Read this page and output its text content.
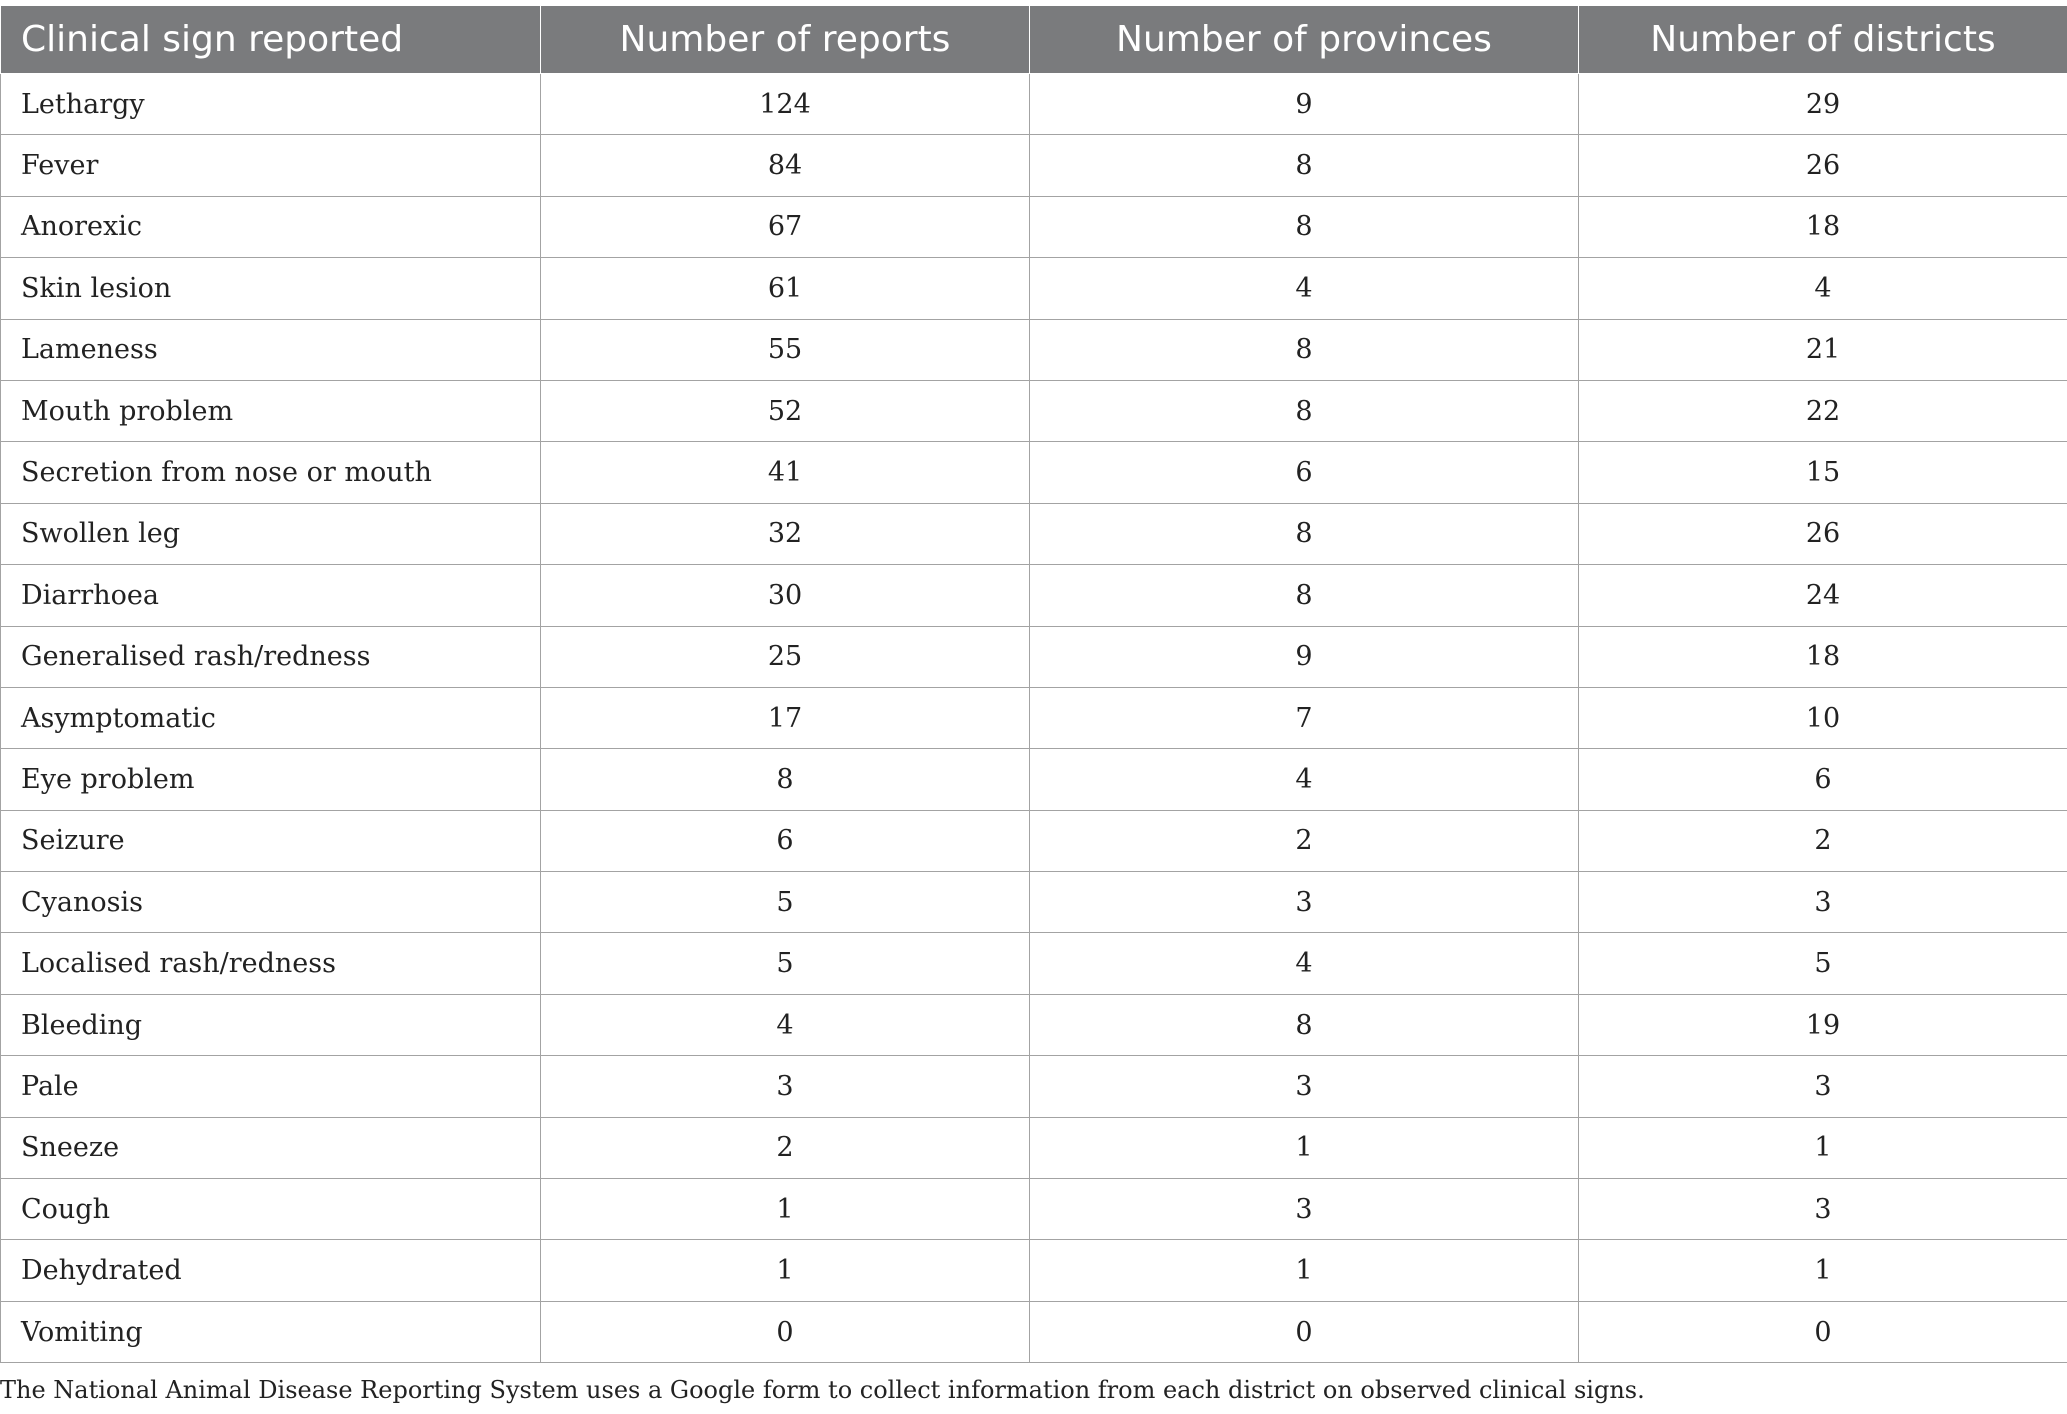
Clinical sign reported	Number of reports	Number of provinces	Number of districts
Lethargy	124	9	29
Fever	84	8	26
Anorexic	67	8	18
Skin lesion	61	4	4
Lameness	55	8	21
Mouth problem	52	8	22
Secretion from nose or mouth	41	6	15
Swollen leg	32	8	26
Diarrhoea	30	8	24
Generalised rash/redness	25	9	18
Asymptomatic	17	7	10
Eye problem	8	4	6
Seizure	6	2	2
Cyanosis	5	3	3
Localised rash/redness	5	4	5
Bleeding	4	8	19
Pale	3	3	3
Sneeze	2	1	1
Cough	1	3	3
Dehydrated	1	1	1
Vomiting	0	0	0
The National Animal Disease Reporting System uses a Google form to collect information from each district on observed clinical signs.
